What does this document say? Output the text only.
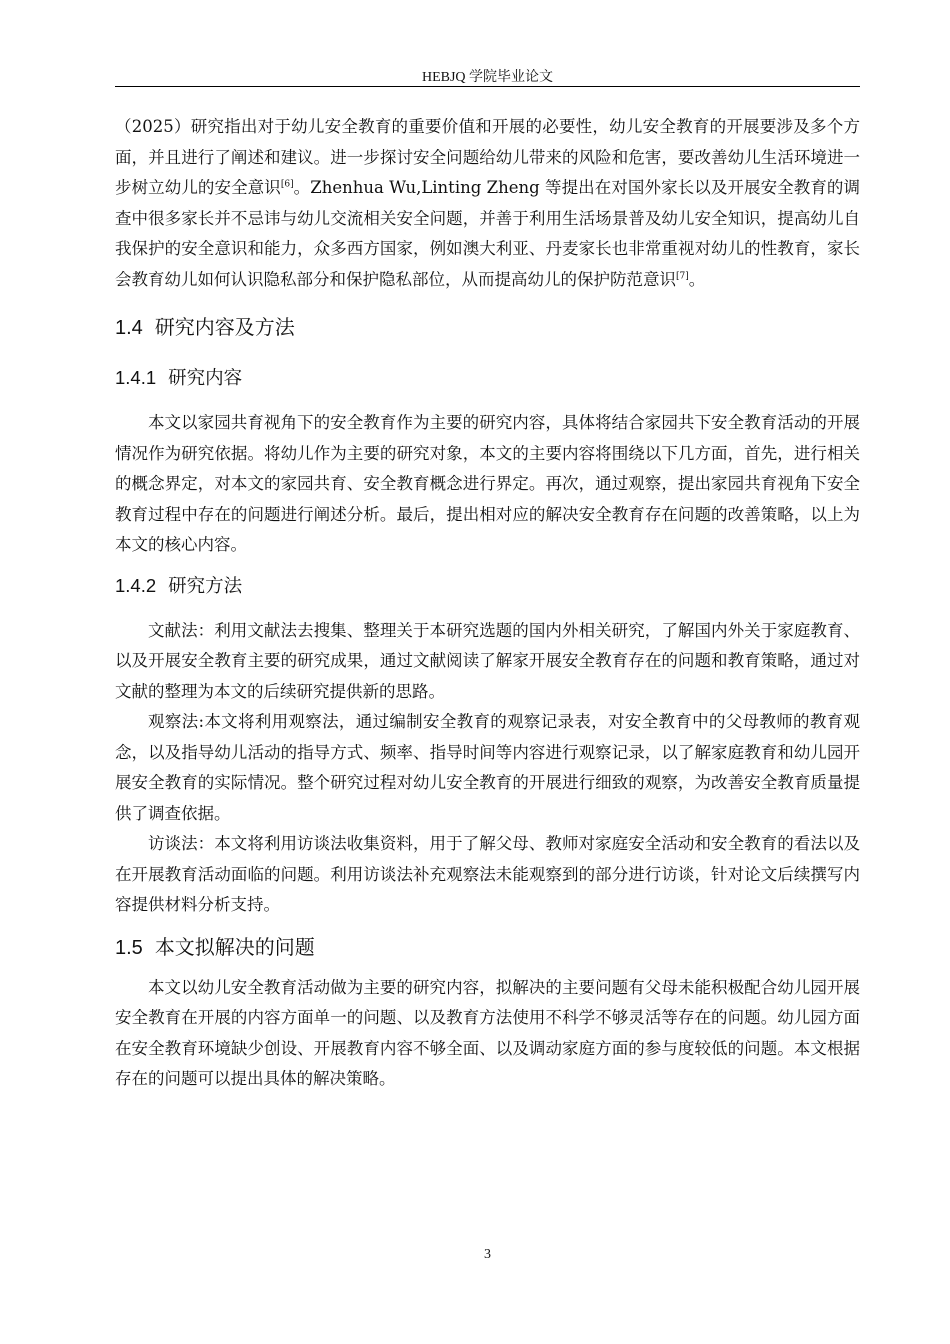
HEBJQ 学院毕业论文

（2025）研究指出对于幼儿安全教育的重要价值和开展的必要性，幼儿安全教育的开展要涉及多个方面，并且进行了阐述和建议。进一步探讨安全问题给幼儿带来的风险和危害，要改善幼儿生活环境进一步树立幼儿的安全意识[6]。Zhenhua Wu,Linting Zheng 等提出在对国外家长以及开展安全教育的调查中很多家长并不忌讳与幼儿交流相关安全问题，并善于利用生活场景普及幼儿安全知识，提高幼儿自我保护的安全意识和能力，众多西方国家，例如澳大利亚、丹麦家长也非常重视对幼儿的性教育，家长会教育幼儿如何认识隐私部分和保护隐私部位，从而提高幼儿的保护防范意识[7]。

1.4 研究内容及方法
1.4.1 研究内容

本文以家园共育视角下的安全教育作为主要的研究内容，具体将结合家园共下安全教育活动的开展情况作为研究依据。将幼儿作为主要的研究对象，本文的主要内容将围绕以下几方面，首先，进行相关的概念界定，对本文的家园共育、安全教育概念进行界定。再次，通过观察，提出家园共育视角下安全教育过程中存在的问题进行阐述分析。最后，提出相对应的解决安全教育存在问题的改善策略，以上为本文的核心内容。

1.4.2 研究方法

文献法：利用文献法去搜集、整理关于本研究选题的国内外相关研究，了解国内外关于家庭教育、以及开展安全教育主要的研究成果，通过文献阅读了解家开展安全教育存在的问题和教育策略，通过对文献的整理为本文的后续研究提供新的思路。

观察法:本文将利用观察法，通过编制安全教育的观察记录表，对安全教育中的父母教师的教育观念，以及指导幼儿活动的指导方式、频率、指导时间等内容进行观察记录，以了解家庭教育和幼儿园开展安全教育的实际情况。整个研究过程对幼儿安全教育的开展进行细致的观察，为改善安全教育质量提供了调查依据。

访谈法：本文将利用访谈法收集资料，用于了解父母、教师对家庭安全活动和安全教育的看法以及在开展教育活动面临的问题。利用访谈法补充观察法未能观察到的部分进行访谈，针对论文后续撰写内容提供材料分析支持。

1.5 本文拟解决的问题

本文以幼儿安全教育活动做为主要的研究内容，拟解决的主要问题有父母未能积极配合幼儿园开展安全教育在开展的内容方面单一的问题、以及教育方法使用不科学不够灵活等存在的问题。幼儿园方面在安全教育环境缺少创设、开展教育内容不够全面、以及调动家庭方面的参与度较低的问题。本文根据存在的问题可以提出具体的解决策略。

3
